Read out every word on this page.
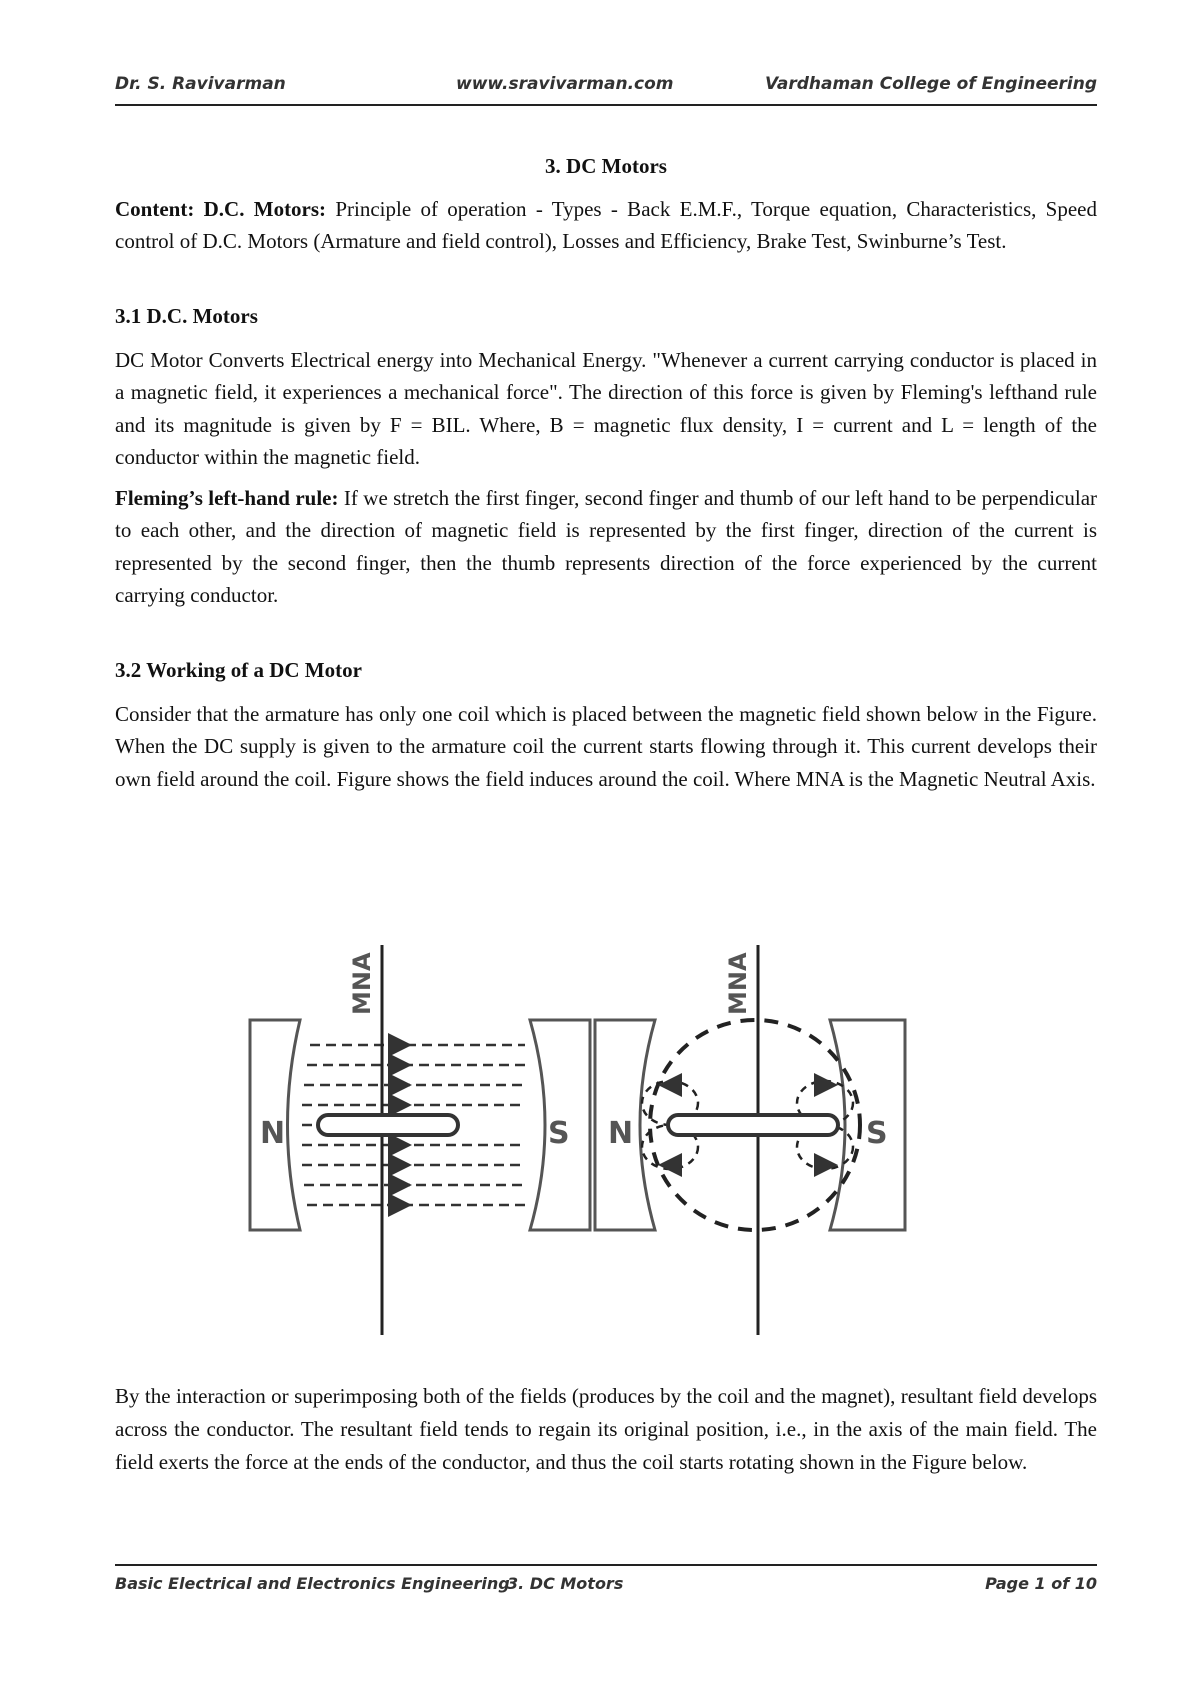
Dr. S. Ravivarman	www.sravivarman.com	Vardhaman College of Engineering

3. DC Motors

Content: D.C. Motors: Principle of operation - Types - Back E.M.F., Torque equation, Characteristics, Speed control of D.C. Motors (Armature and field control), Losses and Efficiency, Brake Test, Swinburne’s Test.

3.1 D.C. Motors

DC Motor Converts Electrical energy into Mechanical Energy. "Whenever a current carrying conductor is placed in a magnetic field, it experiences a mechanical force". The direction of this force is given by Fleming's lefthand rule and its magnitude is given by F = BIL. Where, B = magnetic flux density, I = current and L = length of the conductor within the magnetic field.

Fleming’s left-hand rule: If we stretch the first finger, second finger and thumb of our left hand to be perpendicular to each other, and the direction of magnetic field is represented by the first finger, direction of the current is represented by the second finger, then the thumb represents direction of the force experienced by the current carrying conductor.

3.2 Working of a DC Motor

Consider that the armature has only one coil which is placed between the magnetic field shown below in the Figure. When the DC supply is given to the armature coil the current starts flowing through it. This current develops their own field around the coil. Figure shows the field induces around the coil. Where MNA is the Magnetic Neutral Axis.

N	S
MNA
N	S
MNA

By the interaction or superimposing both of the fields (produces by the coil and the magnet), resultant field develops across the conductor. The resultant field tends to regain its original position, i.e., in the axis of the main field. The field exerts the force at the ends of the conductor, and thus the coil starts rotating shown in the Figure below.

Basic Electrical and Electronics Engineering
3. DC Motors	Page 1 of 10
